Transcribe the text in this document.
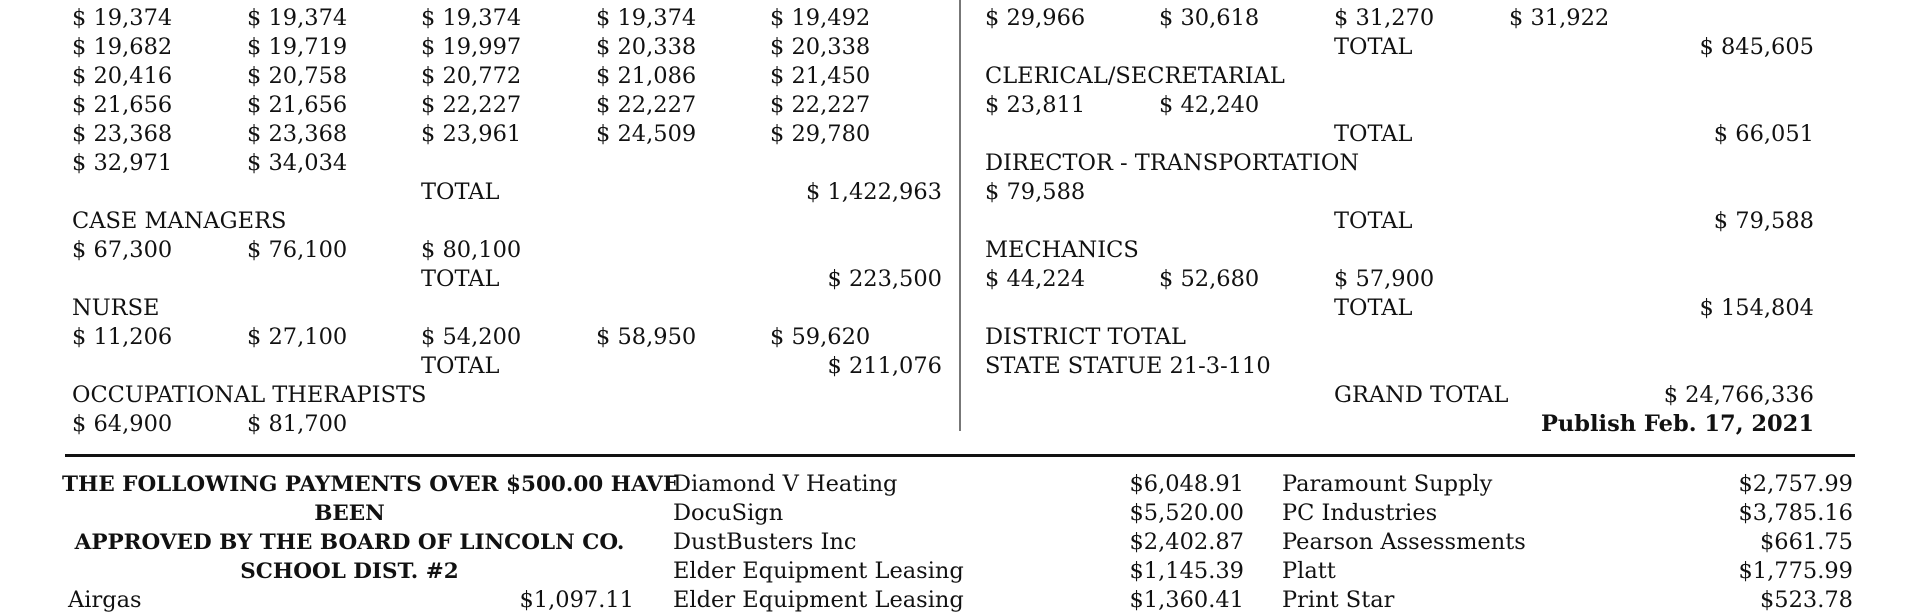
$ 19,374	$ 19,374	$ 19,374	$ 19,374	$ 19,492
$ 19,682	$ 19,719	$ 19,997	$ 20,338	$ 20,338
$ 20,416	$ 20,758	$ 20,772	$ 21,086	$ 21,450
$ 21,656	$ 21,656	$ 22,227	$ 22,227	$ 22,227
$ 23,368	$ 23,368	$ 23,961	$ 24,509	$ 29,780
$ 32,971	$ 34,034
TOTAL	$ 1,422,963
CASE MANAGERS
$ 67,300	$ 76,100	$ 80,100
TOTAL	$ 223,500
NURSE
$ 11,206	$ 27,100	$ 54,200	$ 58,950	$ 59,620
TOTAL	$ 211,076
OCCUPATIONAL THERAPISTS
$ 64,900	$ 81,700
$ 29,966	$ 30,618	$ 31,270	$ 31,922
TOTAL	$ 845,605
CLERICAL/SECRETARIAL
$ 23,811	$ 42,240
TOTAL	$ 66,051
DIRECTOR - TRANSPORTATION
$ 79,588
TOTAL	$ 79,588
MECHANICS
$ 44,224	$ 52,680	$ 57,900
TOTAL	$ 154,804
DISTRICT TOTAL
STATE STATUE 21-3-110
GRAND TOTAL	$ 24,766,336
Publish Feb. 17, 2021
THE FOLLOWING PAYMENTS OVER $500.00 HAVE
BEEN
APPROVED BY THE BOARD OF LINCOLN CO.
SCHOOL DIST. #2
Airgas	$1,097.11
Diamond V Heating	$6,048.91
DocuSign	$5,520.00
DustBusters Inc	$2,402.87
Elder Equipment Leasing	$1,145.39
Elder Equipment Leasing	$1,360.41
Paramount Supply	$2,757.99
PC Industries	$3,785.16
Pearson Assessments	$661.75
Platt	$1,775.99
Print Star	$523.78
